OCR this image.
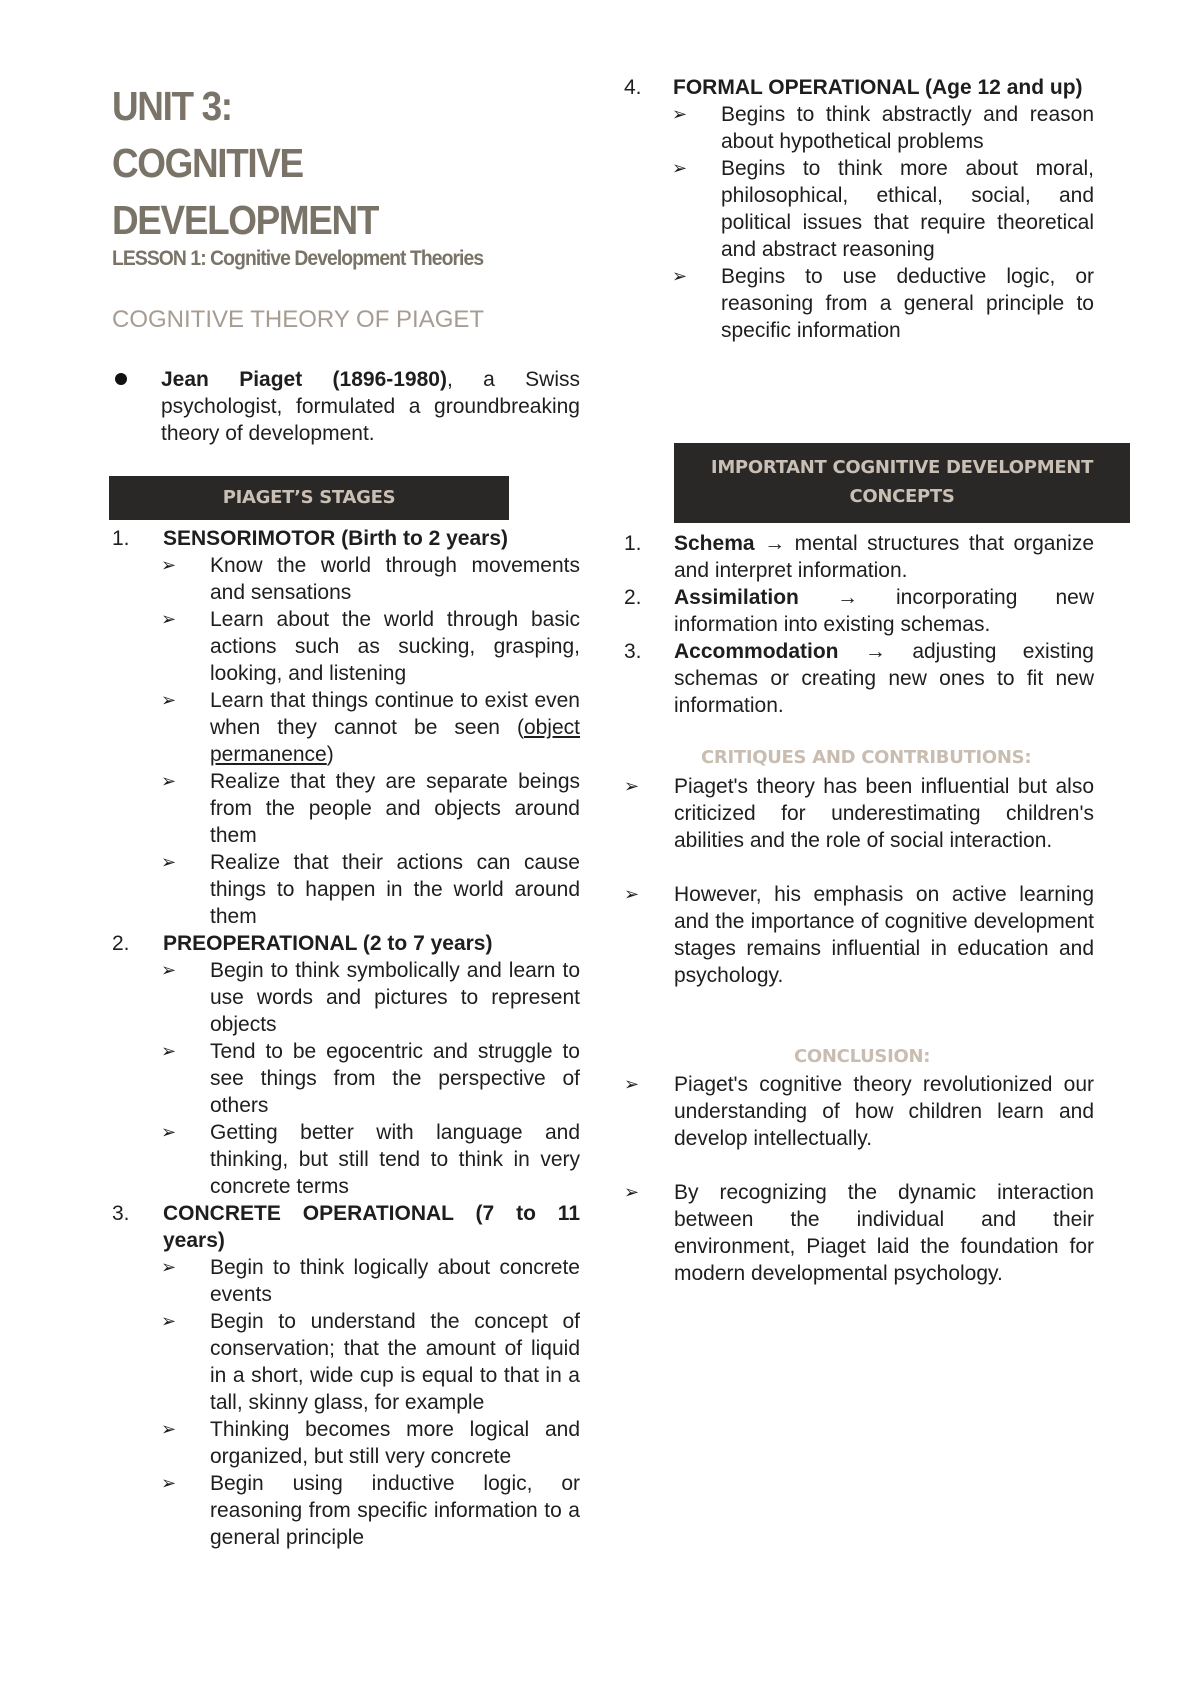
UNIT 3:
COGNITIVE
DEVELOPMENT
LESSON 1: Cognitive Development Theories
COGNITIVE THEORY OF PIAGET
Jean Piaget (1896-1980), a Swiss psychologist, formulated a groundbreaking theory of development.
PIAGET’S STAGES
1. SENSORIMOTOR (Birth to 2 years)
➢ Know the world through movements and sensations
➢ Learn about the world through basic actions such as sucking, grasping, looking, and listening
➢ Learn that things continue to exist even when they cannot be seen (object permanence)
➢ Realize that they are separate beings from the people and objects around them
➢ Realize that their actions can cause things to happen in the world around them
2. PREOPERATIONAL (2 to 7 years)
➢ Begin to think symbolically and learn to use words and pictures to represent objects
➢ Tend to be egocentric and struggle to see things from the perspective of others
➢ Getting better with language and thinking, but still tend to think in very concrete terms
3. CONCRETE OPERATIONAL (7 to 11 years)
➢ Begin to think logically about concrete events
➢ Begin to understand the concept of conservation; that the amount of liquid in a short, wide cup is equal to that in a tall, skinny glass, for example
➢ Thinking becomes more logical and organized, but still very concrete
➢ Begin using inductive logic, or reasoning from specific information to a general principle
4. FORMAL OPERATIONAL (Age 12 and up)
➢ Begins to think abstractly and reason about hypothetical problems
➢ Begins to think more about moral, philosophical, ethical, social, and political issues that require theoretical and abstract reasoning
➢ Begins to use deductive logic, or reasoning from a general principle to specific information
IMPORTANT COGNITIVE DEVELOPMENT
CONCEPTS
1. Schema → mental structures that organize and interpret information.
2. Assimilation → incorporating new information into existing schemas.
3. Accommodation → adjusting existing schemas or creating new ones to fit new information.
CRITIQUES AND CONTRIBUTIONS:
➢ Piaget's theory has been influential but also criticized for underestimating children's abilities and the role of social interaction.
➢ However, his emphasis on active learning and the importance of cognitive development stages remains influential in education and psychology.
CONCLUSION:
➢ Piaget's cognitive theory revolutionized our understanding of how children learn and develop intellectually.
➢ By recognizing the dynamic interaction between the individual and their environment, Piaget laid the foundation for modern developmental psychology.
